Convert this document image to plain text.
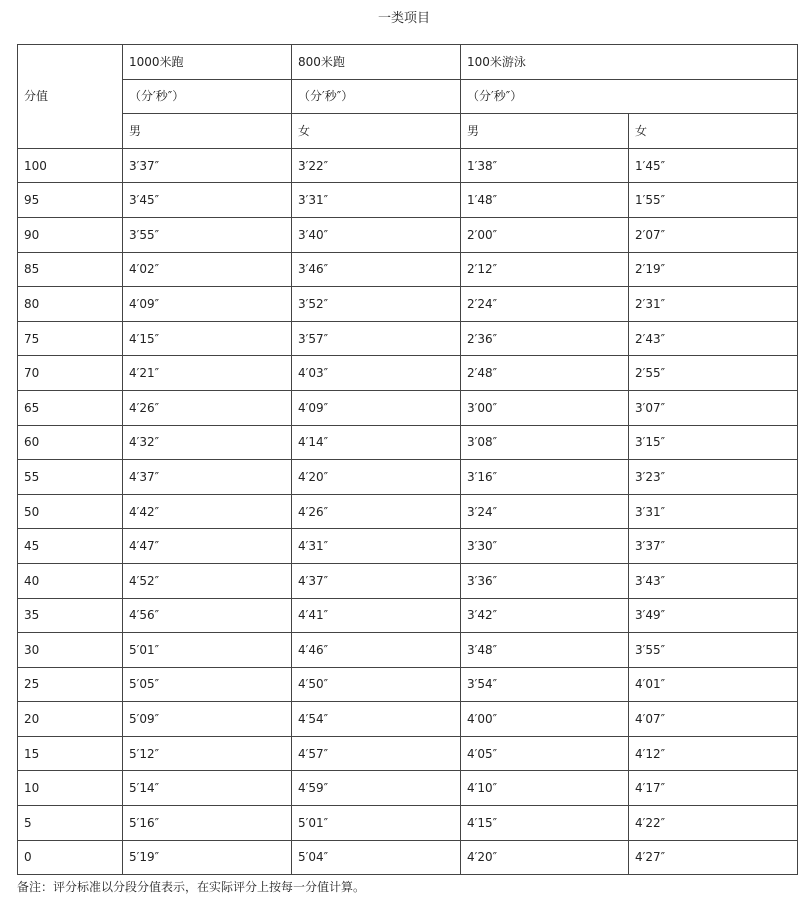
一类项目
分值	1000米跑	800米跑	100米游泳	
	（分′秒″）	（分′秒″）	（分′秒″）	
	男	女	男	女
100	3′37″	3′22″	1′38″	1′45″
95	3′45″	3′31″	1′48″	1′55″
90	3′55″	3′40″	2′00″	2′07″
85	4′02″	3′46″	2′12″	2′19″
80	4′09″	3′52″	2′24″	2′31″
75	4′15″	3′57″	2′36″	2′43″
70	4′21″	4′03″	2′48″	2′55″
65	4′26″	4′09″	3′00″	3′07″
60	4′32″	4′14″	3′08″	3′15″
55	4′37″	4′20″	3′16″	3′23″
50	4′42″	4′26″	3′24″	3′31″
45	4′47″	4′31″	3′30″	3′37″
40	4′52″	4′37″	3′36″	3′43″
35	4′56″	4′41″	3′42″	3′49″
30	5′01″	4′46″	3′48″	3′55″
25	5′05″	4′50″	3′54″	4′01″
20	5′09″	4′54″	4′00″	4′07″
15	5′12″	4′57″	4′05″	4′12″
10	5′14″	4′59″	4′10″	4′17″
5	5′16″	5′01″	4′15″	4′22″
0	5′19″	5′04″	4′20″	4′27″
备注：评分标准以分段分值表示，在实际评分上按每一分值计算。
